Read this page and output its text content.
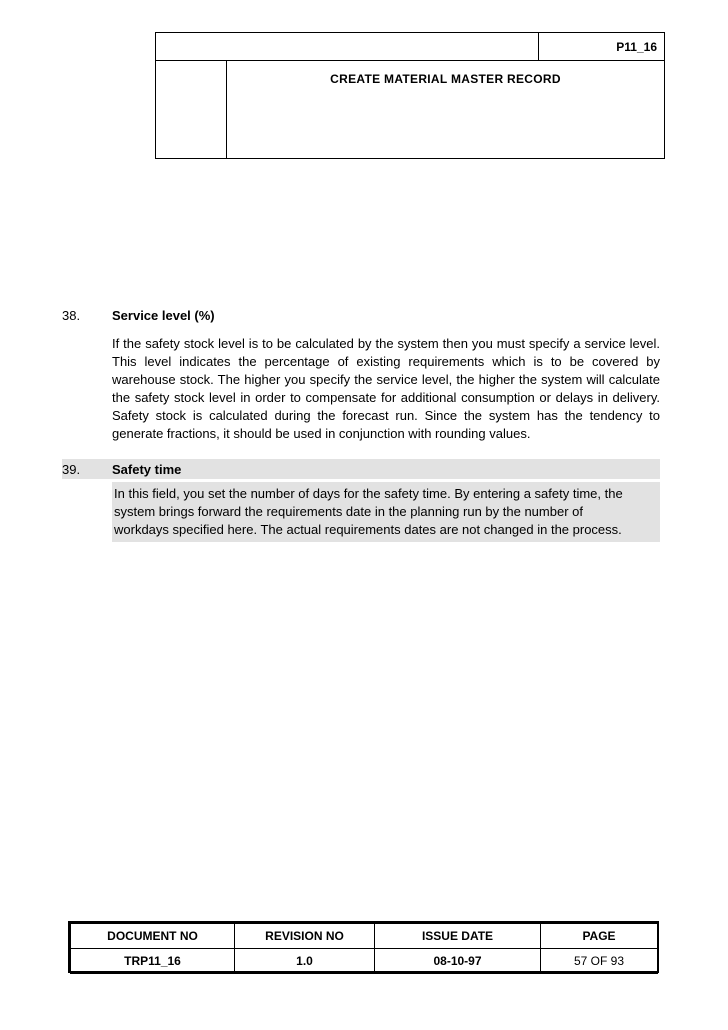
P11_16
CREATE MATERIAL MASTER RECORD
38.	Service level (%)
If the safety stock level is to be calculated by the system then you must specify a service level. This level indicates the percentage of existing requirements which is to be covered by warehouse stock. The higher you specify the service level, the higher the system will calculate the safety stock level in order to compensate for additional consumption or delays in delivery. Safety stock is calculated during the forecast run. Since the system has the tendency to generate fractions, it should be used in conjunction with rounding values.
39.	Safety time
In this field, you set the number of days for the safety time. By entering a safety time, the system brings forward the requirements date in the planning run by the number of workdays specified here. The actual requirements dates are not changed in the process.
DOCUMENT NO	REVISION NO	ISSUE DATE	PAGE
TRP11_16	1.0	08-10-97	57 OF 93
